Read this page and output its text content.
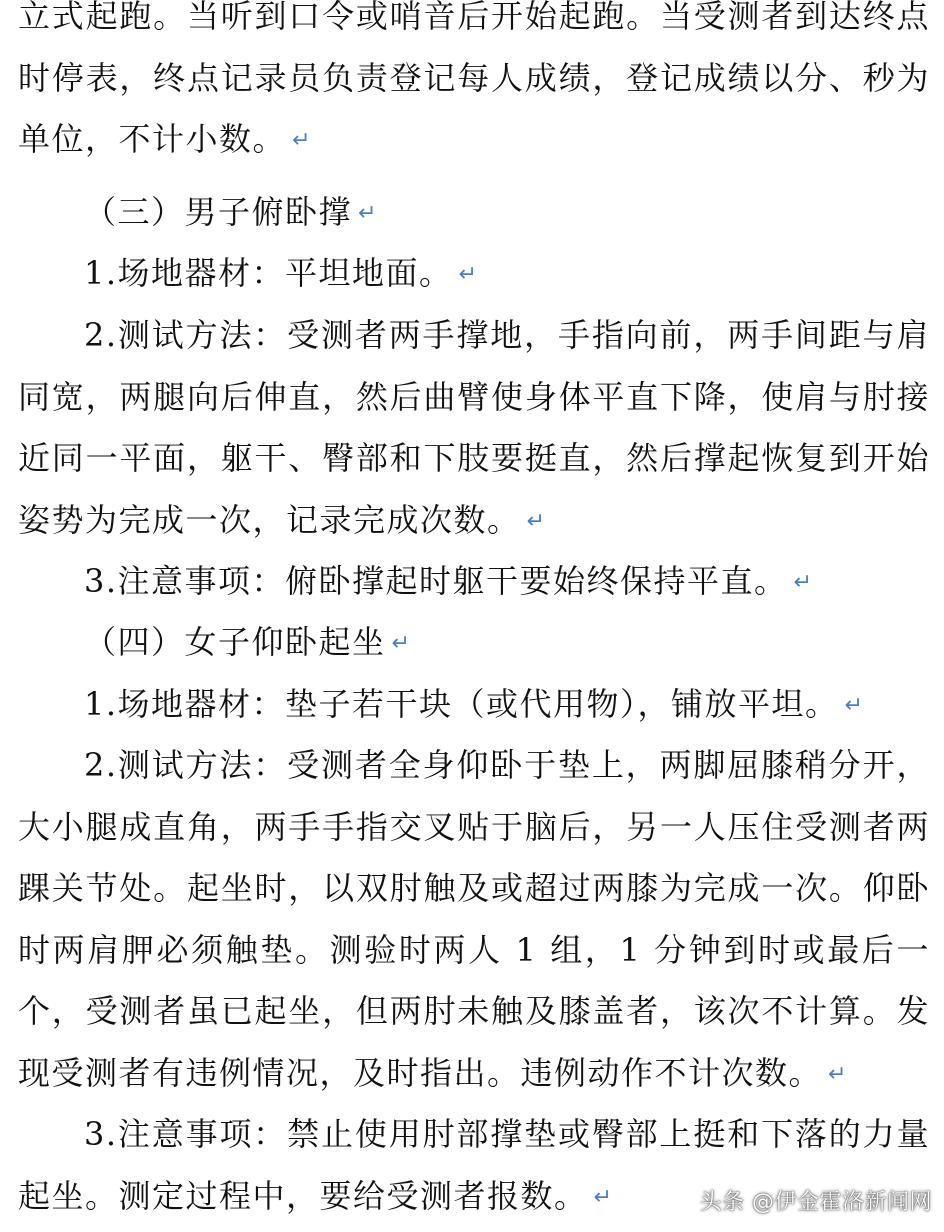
立式起跑。当听到口令或哨音后开始起跑。当受测者到达终点时停表，终点记录员负责登记每人成绩，登记成绩以分、秒为单位，不计小数。 ↵

（三）男子俯卧撑 ↵

1.场地器材：平坦地面。 ↵

2.测试方法：受测者两手撑地，手指向前，两手间距与肩同宽，两腿向后伸直，然后曲臂使身体平直下降，使肩与肘接近同一平面，躯干、臀部和下肢要挺直，然后撑起恢复到开始姿势为完成一次，记录完成次数。 ↵

3.注意事项：俯卧撑起时躯干要始终保持平直。 ↵

（四）女子仰卧起坐 ↵

1.场地器材：垫子若干块（或代用物），铺放平坦。 ↵

2.测试方法：受测者全身仰卧于垫上，两脚屈膝稍分开，大小腿成直角，两手手指交叉贴于脑后，另一人压住受测者两踝关节处。起坐时，以双肘触及或超过两膝为完成一次。仰卧时两肩胛必须触垫。测验时两人 1 组，1 分钟到时或最后一个，受测者虽已起坐，但两肘未触及膝盖者，该次不计算。发现受测者有违例情况，及时指出。违例动作不计次数。 ↵

3.注意事项：禁止使用肘部撑垫或臀部上挺和下落的力量起坐。测定过程中，要给受测者报数。 ↵	头条 @伊金霍洛新闻网
